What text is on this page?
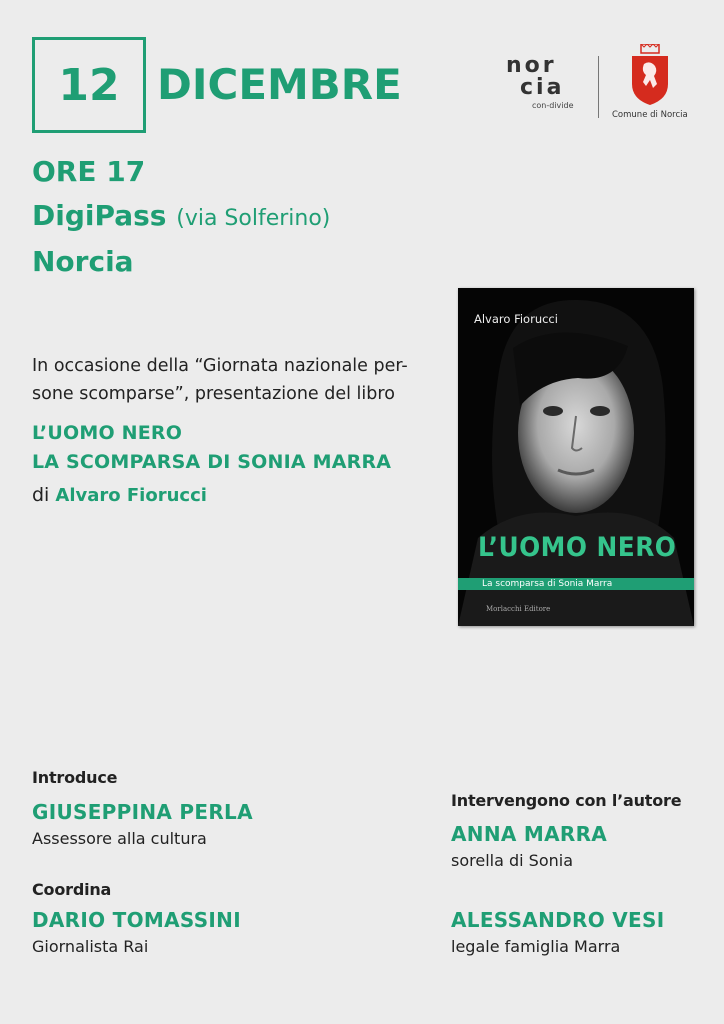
12 DICEMBRE	nor
cia
con-divide
Comune di Norcia
ORE 17
DigiPass (via Solferino)
Norcia
In occasione della “Giornata nazionale per-
sone scomparse”, presentazione del libro
L’UOMO NERO
LA SCOMPARSA DI SONIA MARRA
di Alvaro Fiorucci
Alvaro Fiorucci
L’UOMO NERO
La scomparsa di Sonia Marra
Morlacchi Editore
Introduce
GIUSEPPINA PERLA
Assessore alla cultura
Coordina
DARIO TOMASSINI
Giornalista Rai
Intervengono con l’autore
ANNA MARRA
sorella di Sonia
ALESSANDRO VESI
legale famiglia Marra
